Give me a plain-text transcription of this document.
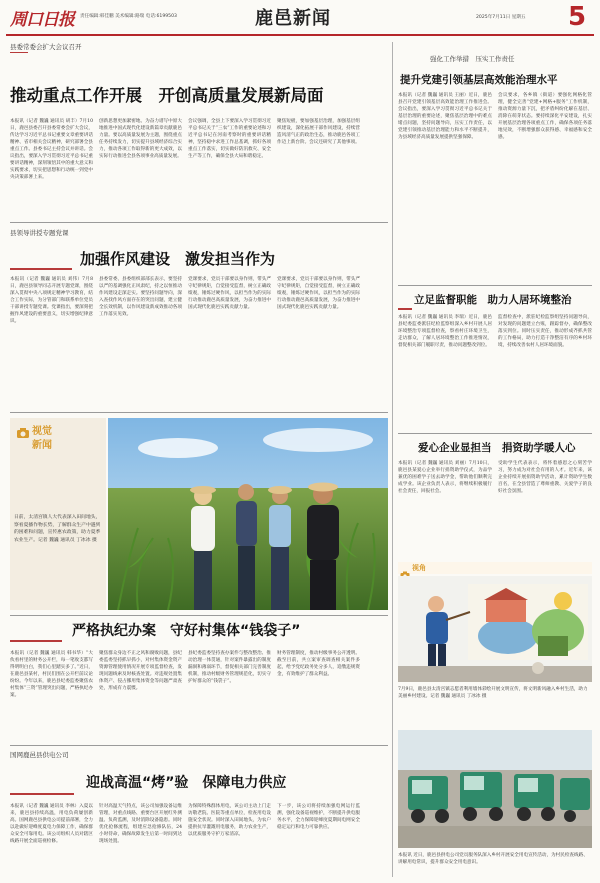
周口日报 责任编辑:韩佳鹏 美术编辑:路瑞 电话:6199503	鹿邑新闻	2025年7月11日 星期五 5
县委常委会扩大会议召开
推动重点工作开展　开创高质量发展新局面
本报讯（记者 魏巍 通讯员 胡丰）7月10日，鹿邑县委召开县委常委会扩大会议，传达学习习近平总书记重要文章重要讲话精神、省市相关会议精神，研究部署全县重点工作。县委书记主持会议并讲话。会议指出，要深入学习贯彻习近平总书记重要讲话精神，深刻领悟其中的重大意义和实践要求，切实把思想和行动统一到党中央决策部署上来。
创新思想更加紧密地、为奋力谱写中原大地推进中国式现代化建设新篇章贡献鹿邑力量。要以高质量发展为主题，围绕重点任务持续发力，切实提升县域经济综合实力，推动各项工作取得新的更大成效，以实际行动推进全县各项事业高质量发展。
会议强调，全县上下要深入学习贯彻习近平总书记关于“三农”工作的重要论述和习近平总书记在河南考察时的重要讲话精神，坚持稳中求进工作总基调，抓好各项重点工作落实，切实做好防汛救灾、安全生产等工作，确保全县大局和谐稳定。
聚焦短板，要加强基层治理，加强基层组织建设，深化拓展干部作风建设，持续营造风清气正的政治生态，推动鹿邑各项工作迈上新台阶。会议还研究了其他事项。
县领导讲授专题党课
加强作风建设　激发担当作为
本报讯（记者 魏巍 通讯员 刘伟）7月8日，鹿邑县领导同志开展专题党课，围绕深入贯彻中央八项规定精神学习教育，结合工作实际，为分管部门和联系单位党员干部讲授专题党课。党课指出，要深刻把握作风建设的重要意义，切实增强纪律意识。
县委常委、县委组织部部长表示，要坚持以严的基调强化正风肃纪，持之以恒推动作风建设走深走实。要坚持问题导向，深入查找作风方面存在的突出问题，建立健全长效机制，以作风建设新成效推动各项工作落实见效。
党课要求，党员干部要以身作则，带头严守纪律规矩，自觉接受监督，树立正确政绩观，锤炼过硬作风，以担当作为的实际行动推动鹿邑高质量发展，为奋力推进中国式现代化鹿邑实践贡献力量。
党课要求，党员干部要以身作则，带头严守纪律规矩，自觉接受监督，树立正确政绩观，锤炼过硬作风，以担当作为的实际行动推动鹿邑高质量发展，为奋力推进中国式现代化鹿邑实践贡献力量。
视觉
新闻
日前，太清宫镇人大代表深入田间地头，察看夏播作物长势，了解群众生产中遇到的困难和问题，宣传惠农政策，助力夏季农业生产。记者 魏巍 通讯员 丁冰冰 摄
严格执纪办案　守好村集体“钱袋子”
本报讯（记者 魏巍 通讯员 韩书华）“大伙看村里的财务公开栏，每一笔收支都写得明明白白，我们心里踏实多了。”近日，在鹿邑县某村，村民们围在公开栏前议论纷纷。今年以来，鹿邑县纪委监委聚焦农村集体“三资”管理突出问题，严格执纪办案。
聚焦群众身边不正之风和腐败问题，县纪委监委坚持抓早抓小，对村集体资金资产资源管理使用情况开展专项监督检查，发现问题线索及时核查处置。对违规处置集体资产、侵占挪用集体资金等问题严肃查处，形成有力震慑。
县纪委监委坚持查办案件与整改整治、推动治理一体贯通，针对案件暴露出的制度漏洞和薄弱环节，督促相关部门完善制度机制，推动村级财务管理规范化，切实守护好群众的“钱袋子”。
财务管理制度，推动村级事务公开透明。截至目前，共立案审查调查相关案件多起，给予党纪政务处分多人，追缴违规资金，有效维护了群众利益。
国网鹿邑县供电公司
迎战高温“烤”验　保障电力供应
本报讯（记者 魏巍 通讯员 李林）入夏以来，鹿邑县持续高温，用电负荷屡创新高。国网鹿邑县供电公司提前部署，全力以赴做好迎峰度夏电力保障工作，确保群众安全可靠用电。该公司组织人员对辖区线路开展全面巡视检修。
针对高温天气特点，该公司加强设备运维管理，对重点线路、重要台区开展红外测温、负荷监测，及时消除设备隐患。同时优化抢修流程，组建应急抢修队伍，24小时待命，确保故障发生后第一时间到达现场处置。
为保障特殊群体用电，该公司主动上门走访敬老院、医院等重点单位，检查用电设施安全状况。同时深入田间地头，为农户提供抗旱灌溉用电服务，助力农业生产，以优质服务守护万家清凉。
下一步，该公司将持续加强电网运行监测，强化设备巡视维护，不断提升供电服务水平，全力保障迎峰度夏期间电网安全稳定运行和电力可靠供应。
强化工作举措　压实工作责任
提升党建引领基层高效能治理水平
本报讯（记者 魏巍 通讯员 王丽）近日，鹿邑县召开党建引领基层高效能治理工作推进会。会议指出，要深入学习贯彻习近平总书记关于基层治理的重要论述，聚焦基层治理中的难点堵点问题，坚持问题导向，压实工作责任，以党建引领推动基层治理能力和水平不断提升，为县域经济高质量发展提供坚强保障。
会议要求，各乡镇（街道）要强化网格化管理，健全完善“党建+网格+服务”工作机制，推动资源力量下沉，把矛盾纠纷化解在基层、消除在萌芽状态。要持续深化平安建设，扎实开展基层治理各项重点工作，确保各项任务落地见效，不断增强群众获得感、幸福感和安全感。
立足监督职能　助力人居环境整治
本报讯（记者 魏巍 通讯员 李瑞）近日，鹿邑县纪委监委派驻纪检监察组深入乡村开展人居环境整治专项监督检查，察看村庄环境卫生，走访群众，了解人居环境整治工作推进情况，督促相关部门履职尽责，推动问题整改到位。
监督检查中，派驻纪检监察组坚持问题导向，对发现的问题建立台账，跟踪督办，确保整改落实到位。同时压实责任，推动形成齐抓共管的工作格局，助力打造干净整洁有序的乡村环境，持续改善农村人居环境面貌。
爱心企业显担当　捐资助学暖人心
本报讯（记者 魏巍 通讯员 刘丽）7月10日，鹿邑县某爱心企业举行捐资助学仪式，为品学兼优的困难学子送去助学金，帮助他们顺利完成学业。该企业负责人表示，将继续积极履行社会责任，回报社会。
受助学生代表表示，将怀着感恩之心刻苦学习，努力成为对社会有用的人才。近年来，该企业持续开展捐资助学活动，累计资助学生数百名，在全县营造了尊师重教、关爱学子的良好社会氛围。
视角
7月9日，鹿邑县太清宫镇志愿者利用墙体彩绘开展文明宣传，将文明新风融入乡村生活，助力美丽乡村建设。记者 魏巍 通讯员 丁冰冰 摄
本报讯 近日，鹿邑县供电公司党员服务队深入乡村开展安全用电宣传活动，为村民检查线路、讲解用电常识，提升群众安全用电意识。
